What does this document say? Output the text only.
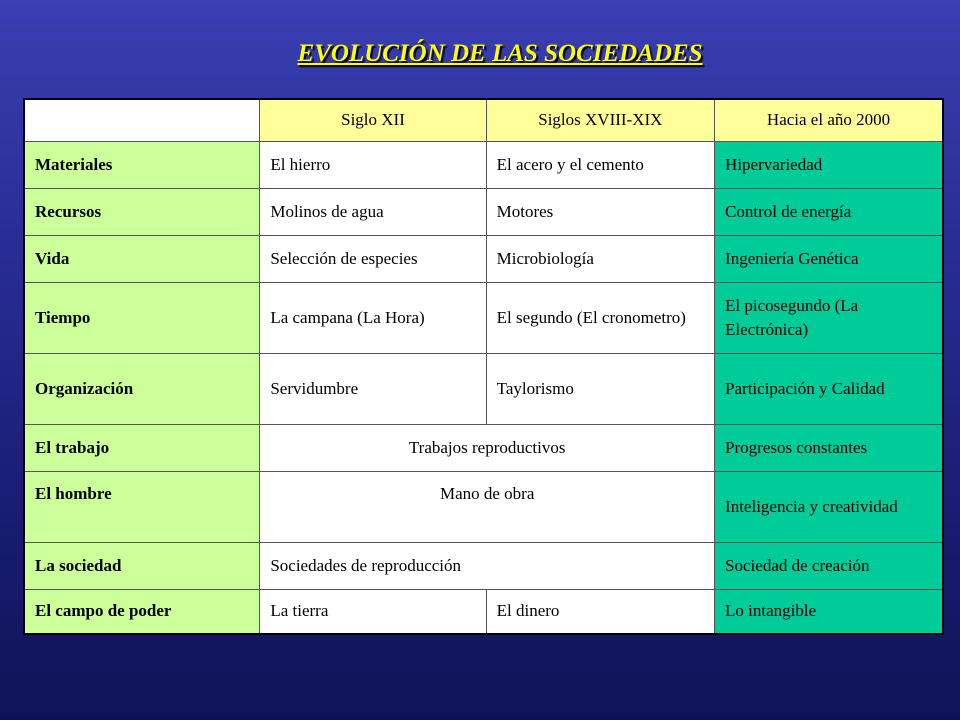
EVOLUCIÓN DE LAS SOCIEDADES
	Siglo XII	Siglos XVIII-XIX	Hacia el año 2000
Materiales	El hierro	El acero y el cemento	Hipervariedad
Recursos	Molinos de agua	Motores	Control de energía
Vida	Selección de especies	Microbiología	Ingeniería Genética
Tiempo	La campana (La Hora)	El segundo (El cronometro)	El picosegundo (La Electrónica)
Organización	Servidumbre	Taylorismo	Participación y Calidad
El trabajo	Trabajos reproductivos		Progresos constantes
El hombre	Mano de obra		Inteligencia y creatividad
La sociedad	Sociedades de reproducción		Sociedad de creación
El campo de poder	La tierra	El dinero	Lo intangible
